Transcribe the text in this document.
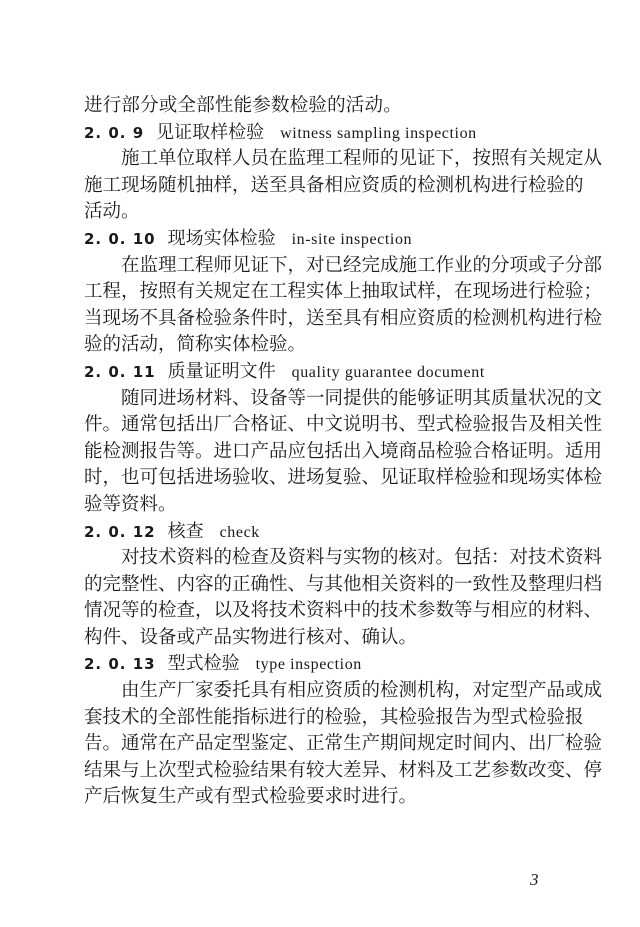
进行部分或全部性能参数检验的活动。
2. 0. 9 见证取样检验 witness sampling inspection
施工单位取样人员在监理工程师的见证下，按照有关规定从
施工现场随机抽样，送至具备相应资质的检测机构进行检验的
活动。
2. 0. 10 现场实体检验 in-site inspection
在监理工程师见证下，对已经完成施工作业的分项或子分部
工程，按照有关规定在工程实体上抽取试样，在现场进行检验；
当现场不具备检验条件时，送至具有相应资质的检测机构进行检
验的活动，简称实体检验。
2. 0. 11 质量证明文件 quality guarantee document
随同进场材料、设备等一同提供的能够证明其质量状况的文
件。通常包括出厂合格证、中文说明书、型式检验报告及相关性
能检测报告等。进口产品应包括出入境商品检验合格证明。适用
时，也可包括进场验收、进场复验、见证取样检验和现场实体检
验等资料。
2. 0. 12 核查 check
对技术资料的检查及资料与实物的核对。包括：对技术资料
的完整性、内容的正确性、与其他相关资料的一致性及整理归档
情况等的检查，以及将技术资料中的技术参数等与相应的材料、
构件、设备或产品实物进行核对、确认。
2. 0. 13 型式检验 type inspection
由生产厂家委托具有相应资质的检测机构，对定型产品或成
套技术的全部性能指标进行的检验，其检验报告为型式检验报
告。通常在产品定型鉴定、正常生产期间规定时间内、出厂检验
结果与上次型式检验结果有较大差异、材料及工艺参数改变、停
产后恢复生产或有型式检验要求时进行。
3
